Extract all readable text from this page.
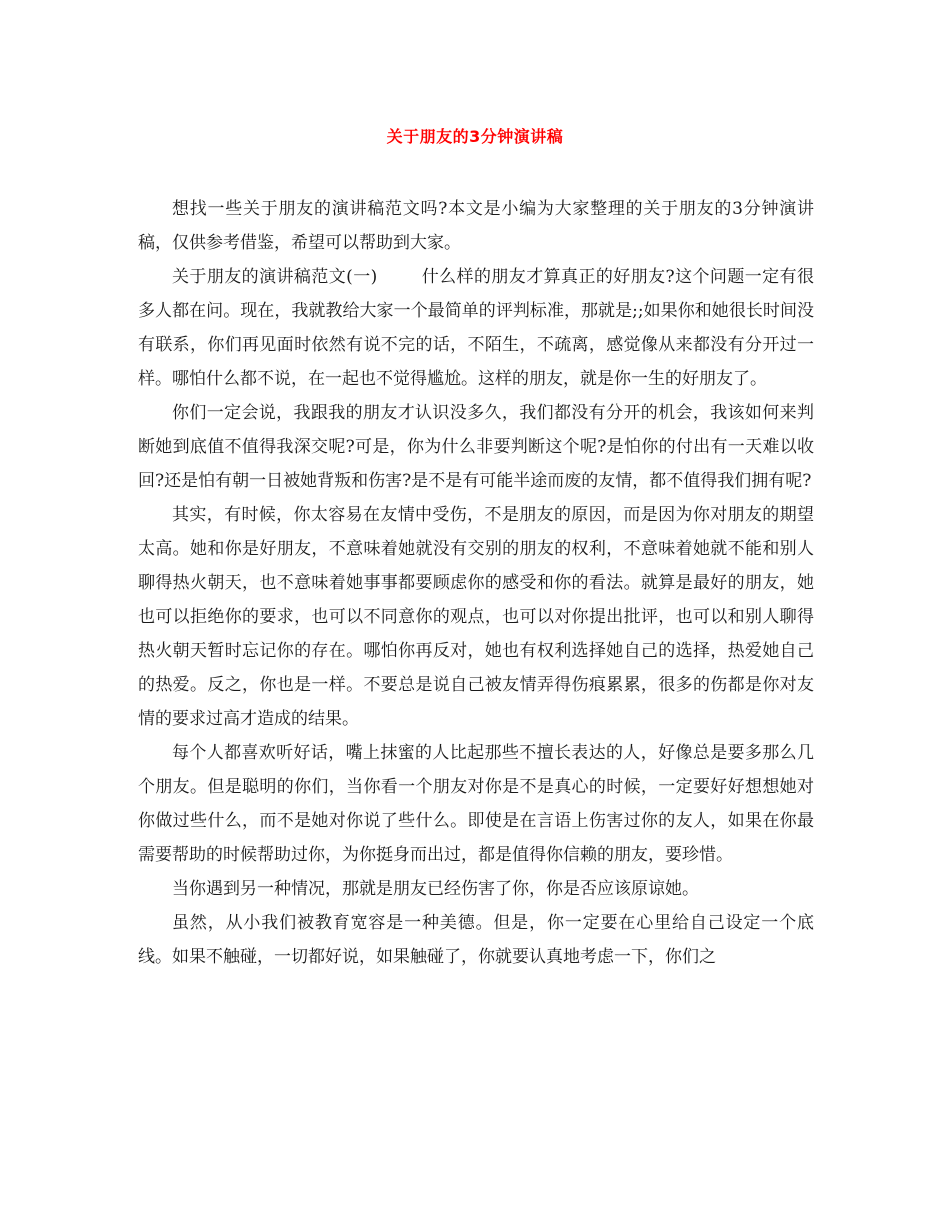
关于朋友的3分钟演讲稿

想找一些关于朋友的演讲稿范文吗?本文是小编为大家整理的关于朋友的3分钟演讲稿，仅供参考借鉴，希望可以帮助到大家。

关于朋友的演讲稿范文(一)	什么样的朋友才算真正的好朋友?这个问题一定有很多人都在问。现在，我就教给大家一个最简单的评判标准，那就是;;如果你和她很长时间没有联系，你们再见面时依然有说不完的话，不陌生，不疏离，感觉像从来都没有分开过一样。哪怕什么都不说，在一起也不觉得尴尬。这样的朋友，就是你一生的好朋友了。

你们一定会说，我跟我的朋友才认识没多久，我们都没有分开的机会，我该如何来判断她到底值不值得我深交呢?可是，你为什么非要判断这个呢?是怕你的付出有一天难以收回?还是怕有朝一日被她背叛和伤害?是不是有可能半途而废的友情，都不值得我们拥有呢?

其实，有时候，你太容易在友情中受伤，不是朋友的原因，而是因为你对朋友的期望太高。她和你是好朋友，不意味着她就没有交别的朋友的权利，不意味着她就不能和别人聊得热火朝天，也不意味着她事事都要顾虑你的感受和你的看法。就算是最好的朋友，她也可以拒绝你的要求，也可以不同意你的观点，也可以对你提出批评，也可以和别人聊得热火朝天暂时忘记你的存在。哪怕你再反对，她也有权利选择她自己的选择，热爱她自己的热爱。反之，你也是一样。不要总是说自己被友情弄得伤痕累累，很多的伤都是你对友情的要求过高才造成的结果。

每个人都喜欢听好话，嘴上抹蜜的人比起那些不擅长表达的人，好像总是要多那么几个朋友。但是聪明的你们，当你看一个朋友对你是不是真心的时候，一定要好好想想她对你做过些什么，而不是她对你说了些什么。即使是在言语上伤害过你的友人，如果在你最需要帮助的时候帮助过你，为你挺身而出过，都是值得你信赖的朋友，要珍惜。

当你遇到另一种情况，那就是朋友已经伤害了你，你是否应该原谅她。

虽然，从小我们被教育宽容是一种美德。但是，你一定要在心里给自己设定一个底线。如果不触碰，一切都好说，如果触碰了，你就要认真地考虑一下，你们之
